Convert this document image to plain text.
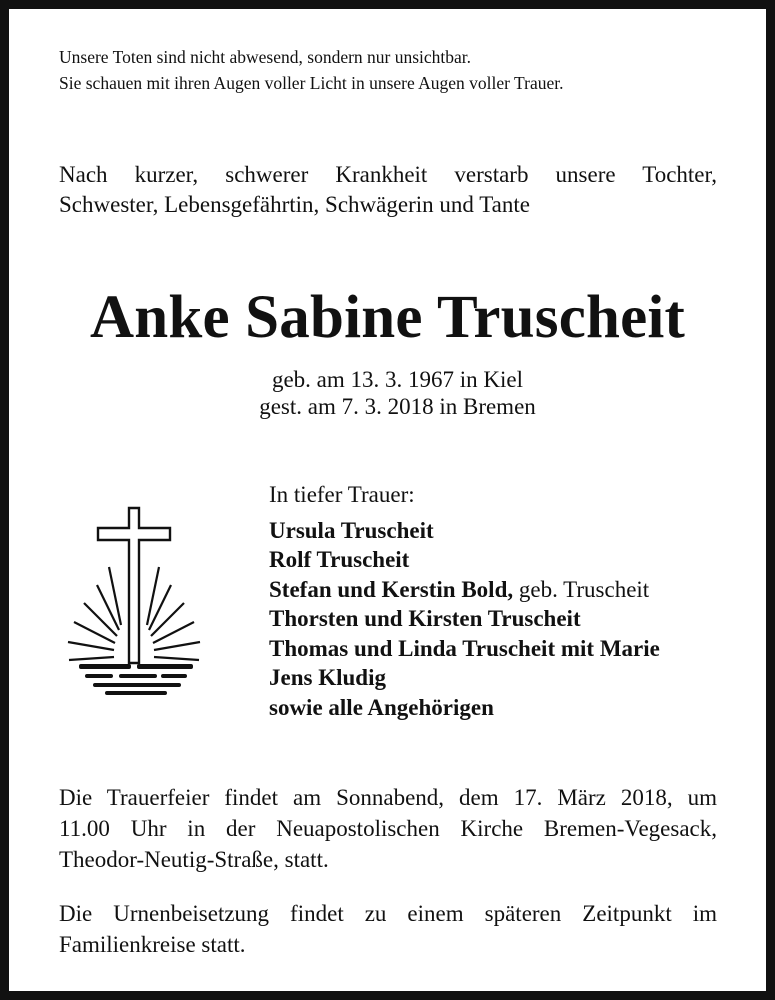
Unsere Toten sind nicht abwesend, sondern nur unsichtbar.
Sie schauen mit ihren Augen voller Licht in unsere Augen voller Trauer.
Nach kurzer, schwerer Krankheit verstarb unsere Tochter,
Schwester, Lebensgefährtin, Schwägerin und Tante
Anke Sabine Truscheit
geb. am 13. 3. 1967 in Kiel
gest. am 7. 3. 2018 in Bremen
In tiefer Trauer:
Ursula Truscheit
Rolf Truscheit
Stefan und Kerstin Bold, geb. Truscheit
Thorsten und Kirsten Truscheit
Thomas und Linda Truscheit mit Marie
Jens Kludig
sowie alle Angehörigen
Die Trauerfeier findet am Sonnabend, dem 17. März 2018, um
11.00 Uhr in der Neuapostolischen Kirche Bremen-Vegesack,
Theodor-Neutig-Straße, statt.
Die Urnenbeisetzung findet zu einem späteren Zeitpunkt im
Familienkreise statt.
